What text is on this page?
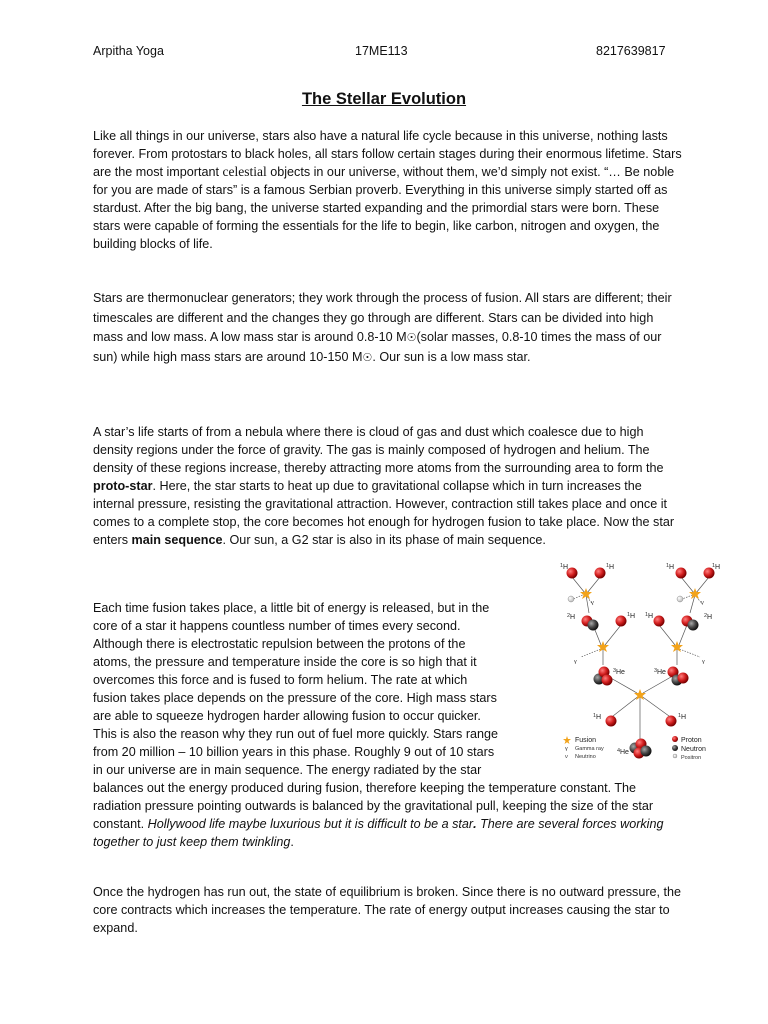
Arpitha Yoga	17ME113	8217639817
The Stellar Evolution
Like all things in our universe, stars also have a natural life cycle because in this universe, nothing lasts forever. From protostars to black holes, all stars follow certain stages during their enormous lifetime. Stars are the most important celestial objects in our universe, without them, we’d simply not exist. “… Be noble for you are made of stars” is a famous Serbian proverb. Everything in this universe simply started off as stardust. After the big bang, the universe started expanding and the primordial stars were born. These stars were capable of forming the essentials for the life to begin, like carbon, nitrogen and oxygen, the building blocks of life.
Stars are thermonuclear generators; they work through the process of fusion. All stars are different; their timescales are different and the changes they go through are different. Stars can be divided into high mass and low mass. A low mass star is around 0.8-10 M☉(solar masses, 0.8-10 times the mass of our sun) while high mass stars are around 10-150 M☉. Our sun is a low mass star.
A star’s life starts of from a nebula where there is cloud of gas and dust which coalesce due to high density regions under the force of gravity. The gas is mainly composed of hydrogen and helium. The density of these regions increase, thereby attracting more atoms from the surrounding area to form the proto-star. Here, the star starts to heat up due to gravitational collapse which in turn increases the internal pressure, resisting the gravitational attraction. However, contraction still takes place and once it comes to a complete stop, the core becomes hot enough for hydrogen fusion to take place. Now the star enters main sequence. Our sun, a G2 star is also in its phase of main sequence.
Each time fusion takes place, a little bit of energy is released, but in the
core of a star it happens countless number of times every second.
Although there is electrostatic repulsion between the protons of the
atoms, the pressure and temperature inside the core is so high that it
overcomes this force and is fused to form helium. The rate at which
fusion takes place depends on the pressure of the core. High mass stars
are able to squeeze hydrogen harder allowing fusion to occur quicker.
This is also the reason why they run out of fuel more quickly. Stars range
from 20 million – 10 billion years in this phase. Roughly 9 out of 10 stars
in our universe are in main sequence. The energy radiated by the star
balances out the energy produced during fusion, therefore keeping the temperature constant. The radiation pressure pointing outwards is balanced by the gravitational pull, keeping the size of the star constant. Hollywood life maybe luxurious but it is difficult to be a star. There are several forces working together to just keep them twinkling.
Once the hydrogen has run out, the state of equilibrium is broken. Since there is no outward pressure, the core contracts which increases the temperature. The rate of energy output increases causing the star to expand.
1 H	1 H	1 H	1 H
ν	ν
2 H	1 H 1 H	2 H
γ	γ
3 He	3 He
1 H	1 H
4 He
Fusion
γ Gamma ray
ν Neutrino
Proton
Neutron
Positron
